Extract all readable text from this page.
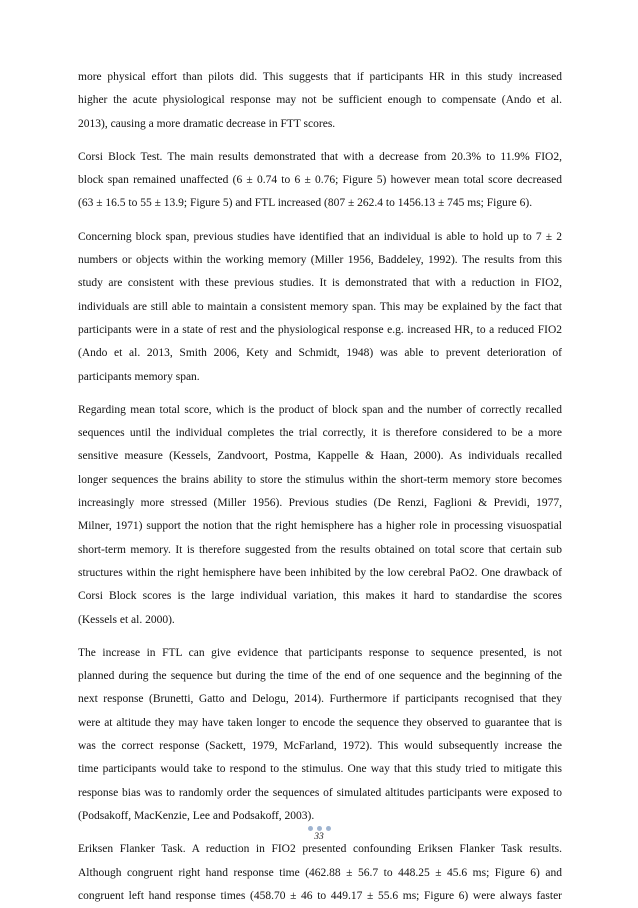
more physical effort than pilots did. This suggests that if participants HR in this study increased
higher the acute physiological response may not be sufficient enough to compensate (Ando et al.
2013), causing a more dramatic decrease in FTT scores.
Corsi Block Test. The main results demonstrated that with a decrease from 20.3% to 11.9% FIO2,
block span remained unaffected (6 ± 0.74 to 6 ± 0.76; Figure 5) however mean total score decreased
(63 ± 16.5 to 55 ± 13.9; Figure 5) and FTL increased (807 ± 262.4 to 1456.13 ± 745 ms; Figure 6).
Concerning block span, previous studies have identified that an individual is able to hold up to 7 ± 2
numbers or objects within the working memory (Miller 1956, Baddeley, 1992). The results from this
study are consistent with these previous studies. It is demonstrated that with a reduction in FIO2,
individuals are still able to maintain a consistent memory span. This may be explained by the fact that
participants were in a state of rest and the physiological response e.g. increased HR, to a reduced FIO2
(Ando et al. 2013, Smith 2006, Kety and Schmidt, 1948) was able to prevent deterioration of
participants memory span.
Regarding mean total score, which is the product of block span and the number of correctly recalled
sequences until the individual completes the trial correctly, it is therefore considered to be a more
sensitive measure (Kessels, Zandvoort, Postma, Kappelle & Haan, 2000). As individuals recalled
longer sequences the brains ability to store the stimulus within the short-term memory store becomes
increasingly more stressed (Miller 1956). Previous studies (De Renzi, Faglioni & Previdi, 1977,
Milner, 1971) support the notion that the right hemisphere has a higher role in processing visuospatial
short-term memory. It is therefore suggested from the results obtained on total score that certain sub
structures within the right hemisphere have been inhibited by the low cerebral PaO2. One drawback of
Corsi Block scores is the large individual variation, this makes it hard to standardise the scores
(Kessels et al. 2000).
The increase in FTL can give evidence that participants response to sequence presented, is not
planned during the sequence but during the time of the end of one sequence and the beginning of the
next response (Brunetti, Gatto and Delogu, 2014). Furthermore if participants recognised that they
were at altitude they may have taken longer to encode the sequence they observed to guarantee that is
was the correct response (Sackett, 1979, McFarland, 1972). This would subsequently increase the
time participants would take to respond to the stimulus. One way that this study tried to mitigate this
response bias was to randomly order the sequences of simulated altitudes participants were exposed to
(Podsakoff, MacKenzie, Lee and Podsakoff, 2003).
Eriksen Flanker Task. A reduction in FIO2 presented confounding Eriksen Flanker Task results.
Although congruent right hand response time (462.88 ± 56.7 to 448.25 ± 45.6 ms; Figure 6) and
congruent left hand response times (458.70 ± 46 to 449.17 ± 55.6 ms; Figure 6) were always faster
33
